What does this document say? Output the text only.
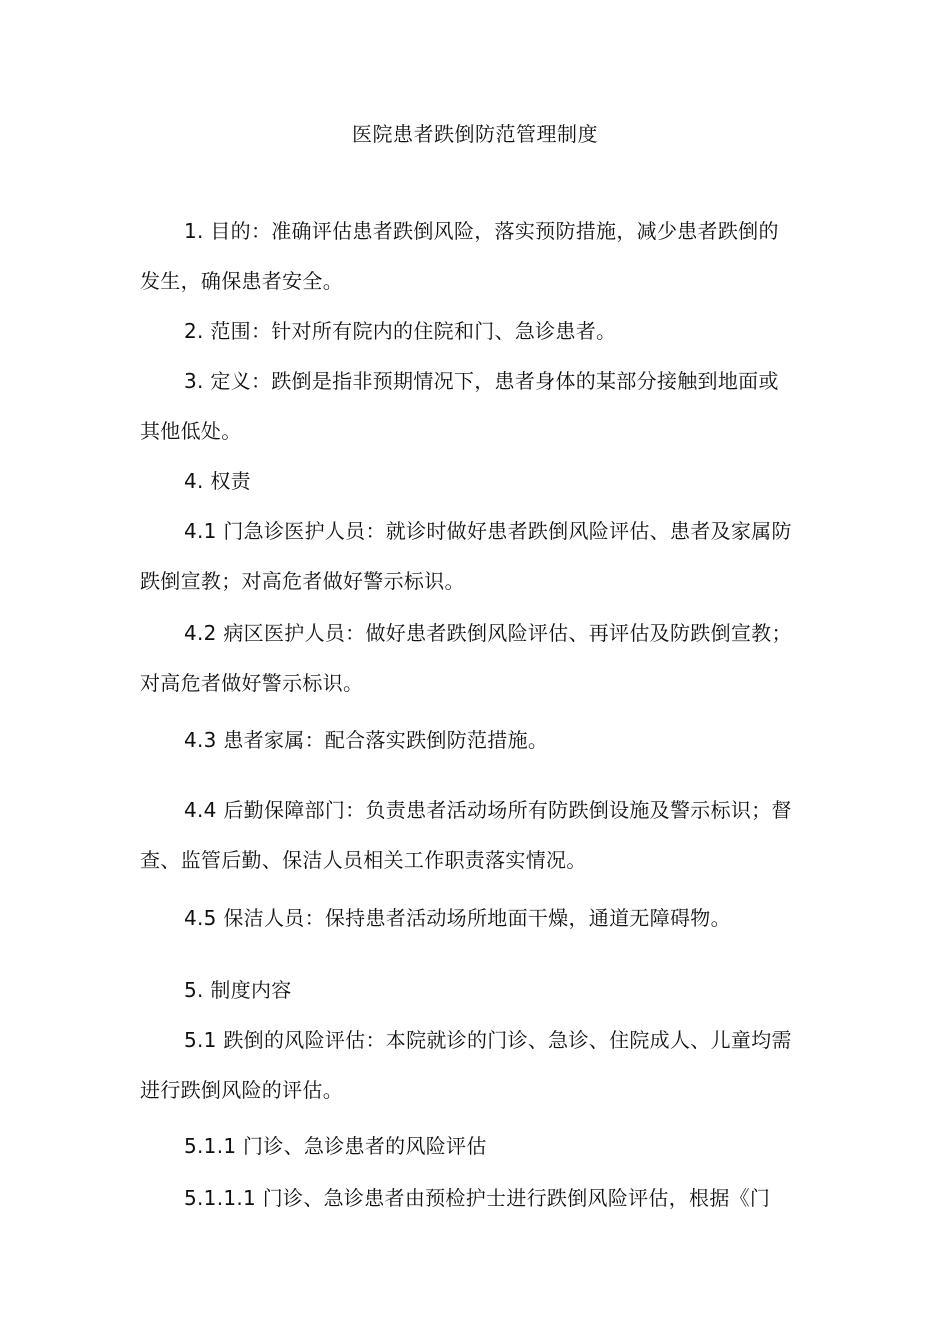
医院患者跌倒防范管理制度
1. 目的：准确评估患者跌倒风险，落实预防措施，减少患者跌倒的
发生，确保患者安全。
2. 范围：针对所有院内的住院和门、急诊患者。
3. 定义：跌倒是指非预期情况下，患者身体的某部分接触到地面或
其他低处。
4. 权责
4.1 门急诊医护人员：就诊时做好患者跌倒风险评估、患者及家属防
跌倒宣教；对高危者做好警示标识。
4.2 病区医护人员：做好患者跌倒风险评估、再评估及防跌倒宣教；
对高危者做好警示标识。
4.3 患者家属：配合落实跌倒防范措施。
4.4 后勤保障部门：负责患者活动场所有防跌倒设施及警示标识；督
查、监管后勤、保洁人员相关工作职责落实情况。
4.5 保洁人员：保持患者活动场所地面干燥，通道无障碍物。
5. 制度内容
5.1 跌倒的风险评估：本院就诊的门诊、急诊、住院成人、儿童均需
进行跌倒风险的评估。
5.1.1 门诊、急诊患者的风险评估
5.1.1.1 门诊、急诊患者由预检护士进行跌倒风险评估，根据《门
